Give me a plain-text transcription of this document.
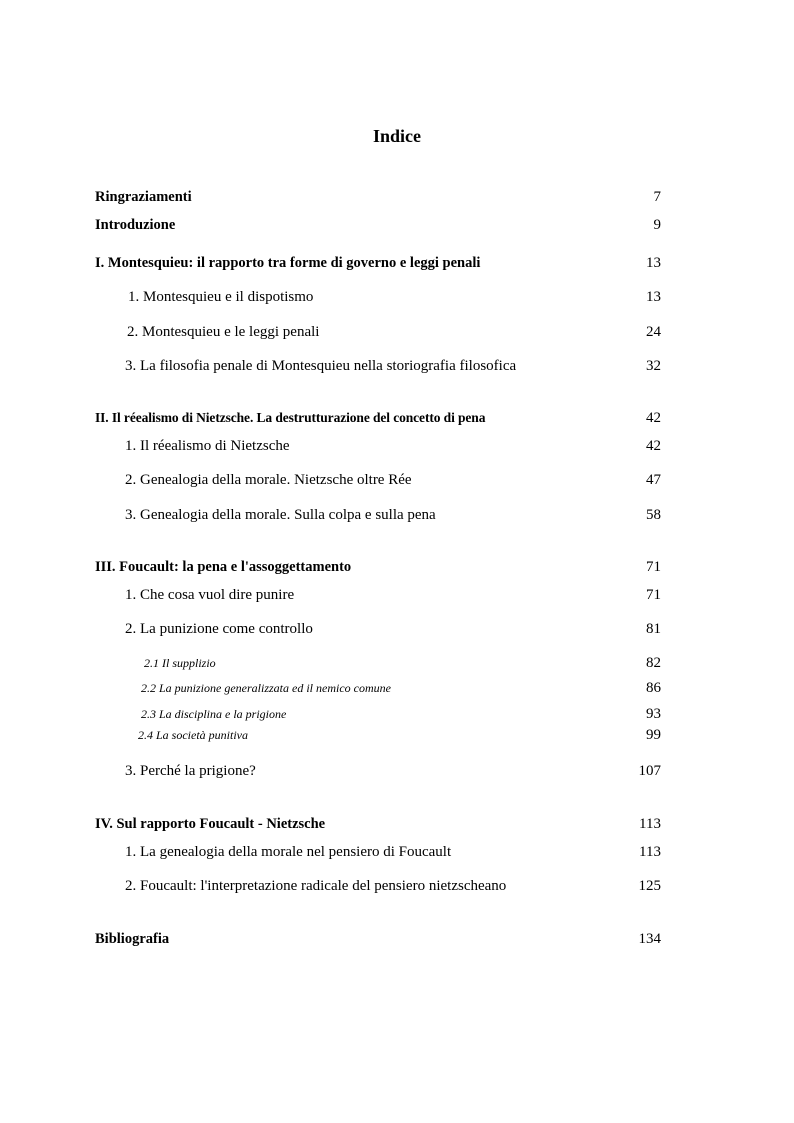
Indice
Ringraziamenti	7
Introduzione	9
I. Montesquieu: il rapporto tra forme di governo e leggi penali	13
1. Montesquieu e il dispotismo	13
2. Montesquieu e le leggi penali	24
3. La filosofia penale di Montesquieu nella storiografia filosofica	32
II. Il réealismo di Nietzsche. La destrutturazione del concetto di pena	42
1. Il réealismo di Nietzsche	42
2. Genealogia della morale. Nietzsche oltre Rée	47
3. Genealogia della morale. Sulla colpa e sulla pena	58
III. Foucault: la pena e l'assoggettamento	71
1. Che cosa vuol dire punire	71
2. La punizione come controllo	81
2.1 Il supplizio	82
2.2 La punizione generalizzata ed il nemico comune	86
2.3 La disciplina e la prigione	93
2.4 La società punitiva	99
3. Perché la prigione?	107
IV. Sul rapporto Foucault - Nietzsche	113
1. La genealogia della morale nel pensiero di Foucault	113
2. Foucault: l'interpretazione radicale del pensiero nietzscheano	125
Bibliografia	134
